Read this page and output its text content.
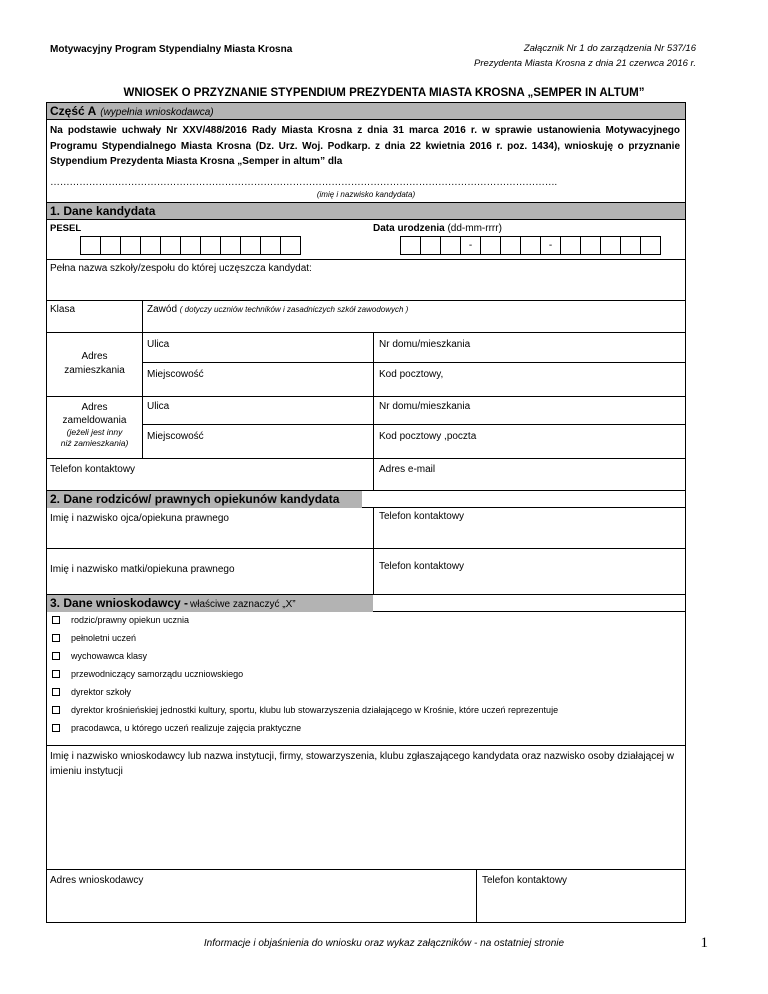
Motywacyjny Program Stypendialny Miasta Krosna	Załącznik Nr 1 do zarządzenia Nr 537/16
Prezydenta Miasta Krosna z dnia 21 czerwca 2016 r.
WNIOSEK O PRZYZNANIE STYPENDIUM PREZYDENTA MIASTA KROSNA „SEMPER IN ALTUM”
Część A (wypełnia wnioskodawca)
Na podstawie uchwały Nr XXV/488/2016 Rady Miasta Krosna z dnia 31 marca 2016 r. w sprawie ustanowienia Motywacyjnego Programu Stypendialnego Miasta Krosna (Dz. Urz. Woj. Podkarp. z dnia 22 kwietnia 2016 r. poz. 1434), wnioskuję o przyznanie Stypendium Prezydenta Miasta Krosna „Semper in altum” dla
………………………………………………………………………………………………………………………………………….
(imię i nazwisko kandydata)
1. Dane kandydata
PESEL	Data urodzenia (dd-mm-rrrr)
-	-
Pełna nazwa szkoły/zespołu do której uczęszcza kandydat:
Klasa	Zawód ( dotyczy uczniów techników i zasadniczych szkół zawodowych )
Adres
zamieszkania
Ulica	Nr domu/mieszkania
Miejscowość	Kod pocztowy,
Adres
zameldowania
(jeżeli jest inny
niż zamieszkania)
Ulica	Nr domu/mieszkania
Miejscowość	Kod pocztowy ,poczta
Telefon kontaktowy	Adres e-mail
2. Dane rodziców/ prawnych opiekunów kandydata
Imię i nazwisko ojca/opiekuna prawnego	Telefon kontaktowy
Imię i nazwisko matki/opiekuna prawnego	Telefon kontaktowy
3. Dane wnioskodawcy - właściwe zaznaczyć „X”
rodzic/prawny opiekun ucznia
pełnoletni uczeń
wychowawca klasy
przewodniczący samorządu uczniowskiego
dyrektor szkoły
dyrektor krośnieńskiej jednostki kultury, sportu, klubu lub stowarzyszenia działającego w Krośnie, które uczeń reprezentuje
pracodawca, u którego uczeń realizuje zajęcia praktyczne
Imię i nazwisko wnioskodawcy lub nazwa instytucji, firmy, stowarzyszenia, klubu zgłaszającego kandydata oraz nazwisko osoby działającej w imieniu instytucji
Adres wnioskodawcy	Telefon kontaktowy
Informacje i objaśnienia do wniosku oraz wykaz załączników - na ostatniej stronie	1
